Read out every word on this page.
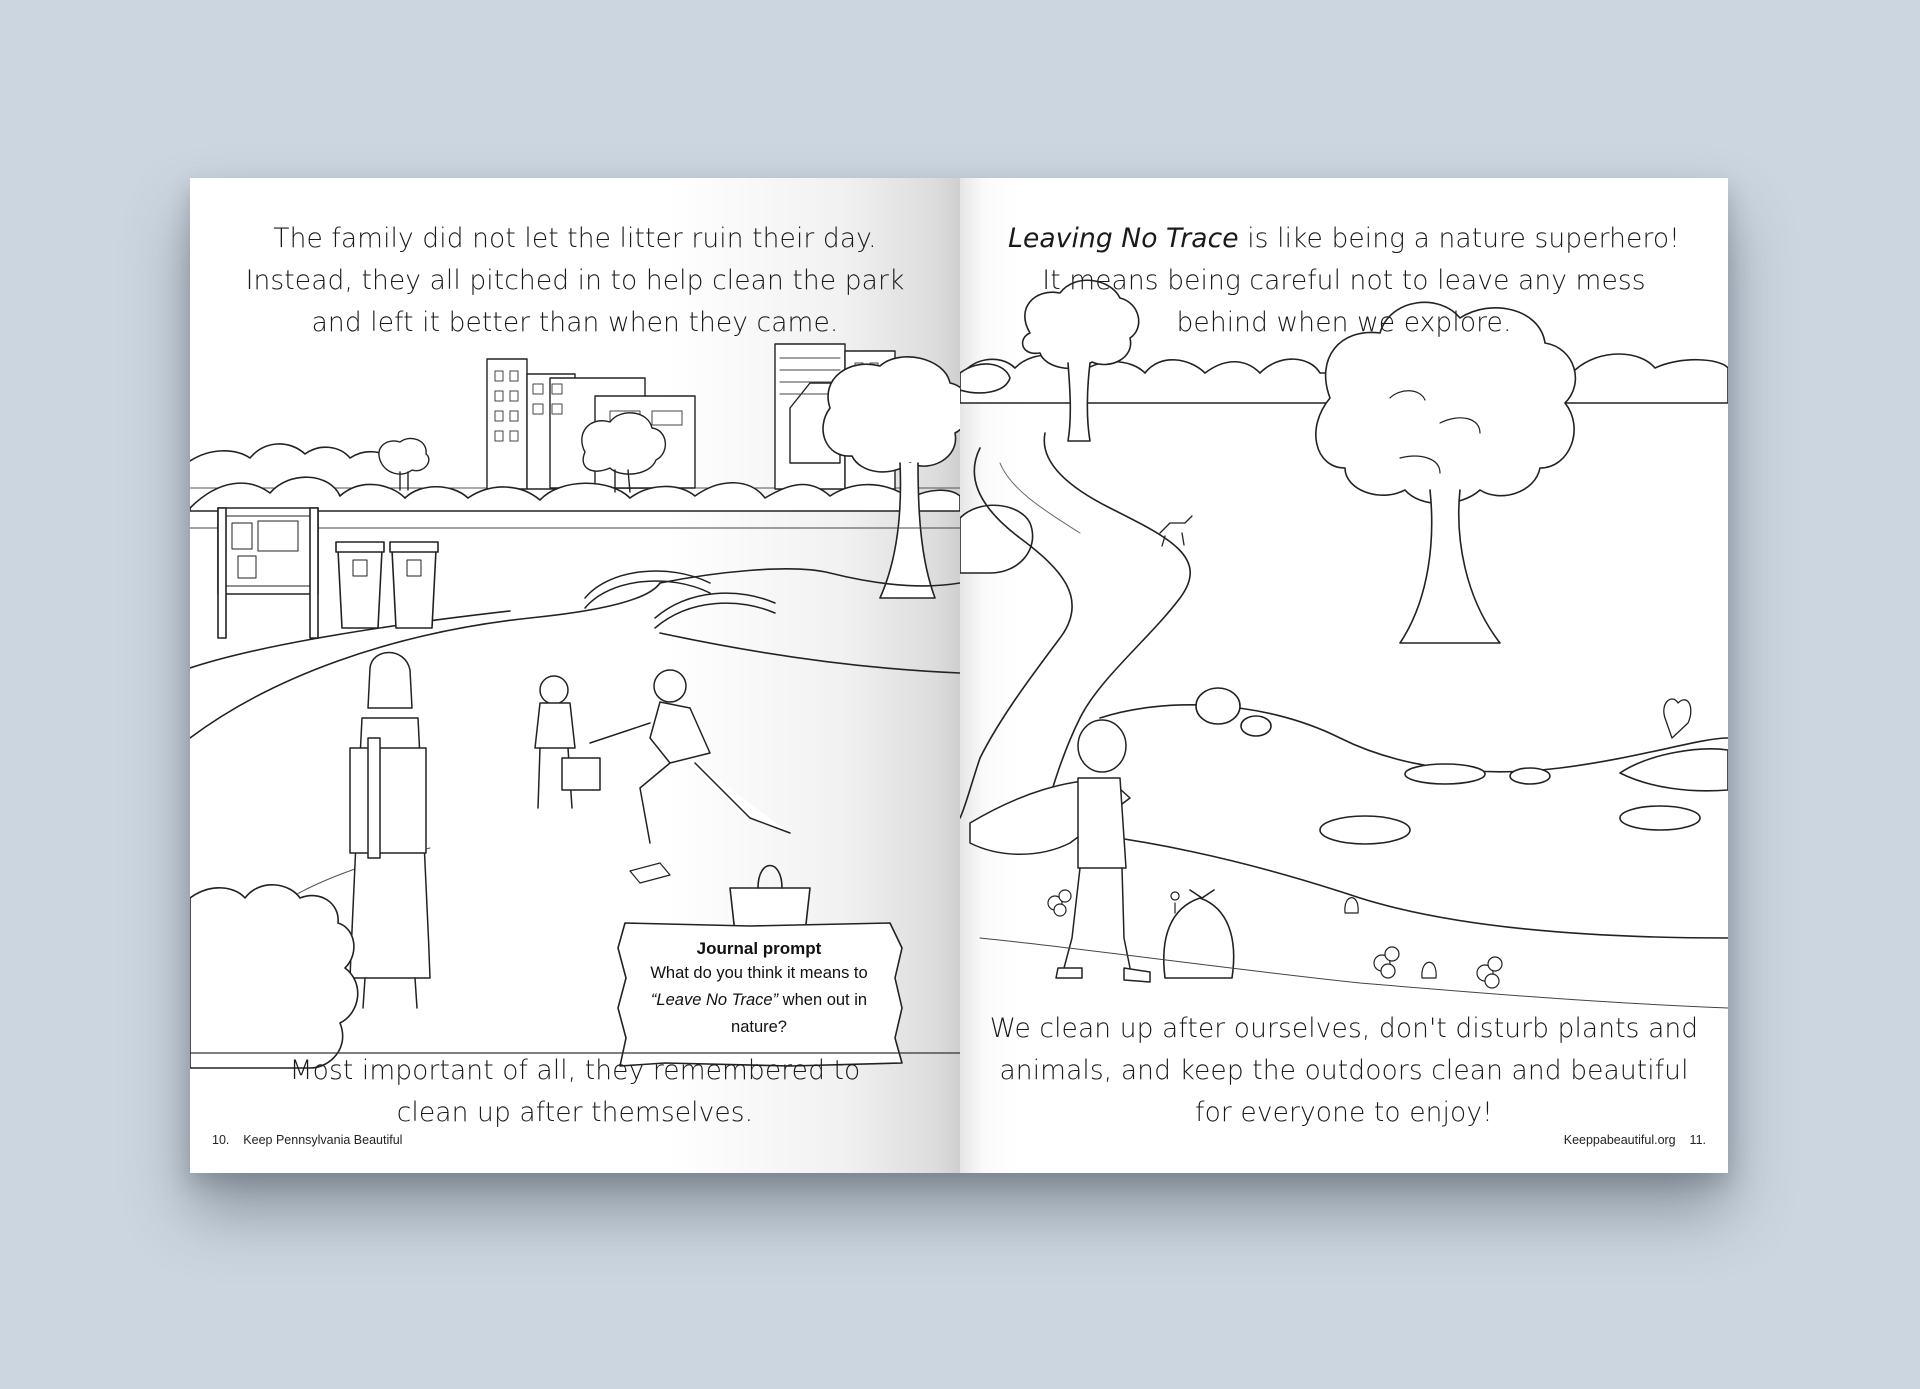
The family did not let the litter ruin their day.
Instead, they all pitched in to help clean the park
and left it better than when they came.
Journal prompt
What do you think it means to
“Leave No Trace” when out in
nature?
Most important of all, they remembered to
clean up after themselves.
10. Keep Pennsylvania Beautiful
Leaving No Trace is like being a nature superhero!
It means being careful not to leave any mess
behind when we explore.
We clean up after ourselves, don't disturb plants and
animals, and keep the outdoors clean and beautiful
for everyone to enjoy!
Keeppabeautiful.org 11.
